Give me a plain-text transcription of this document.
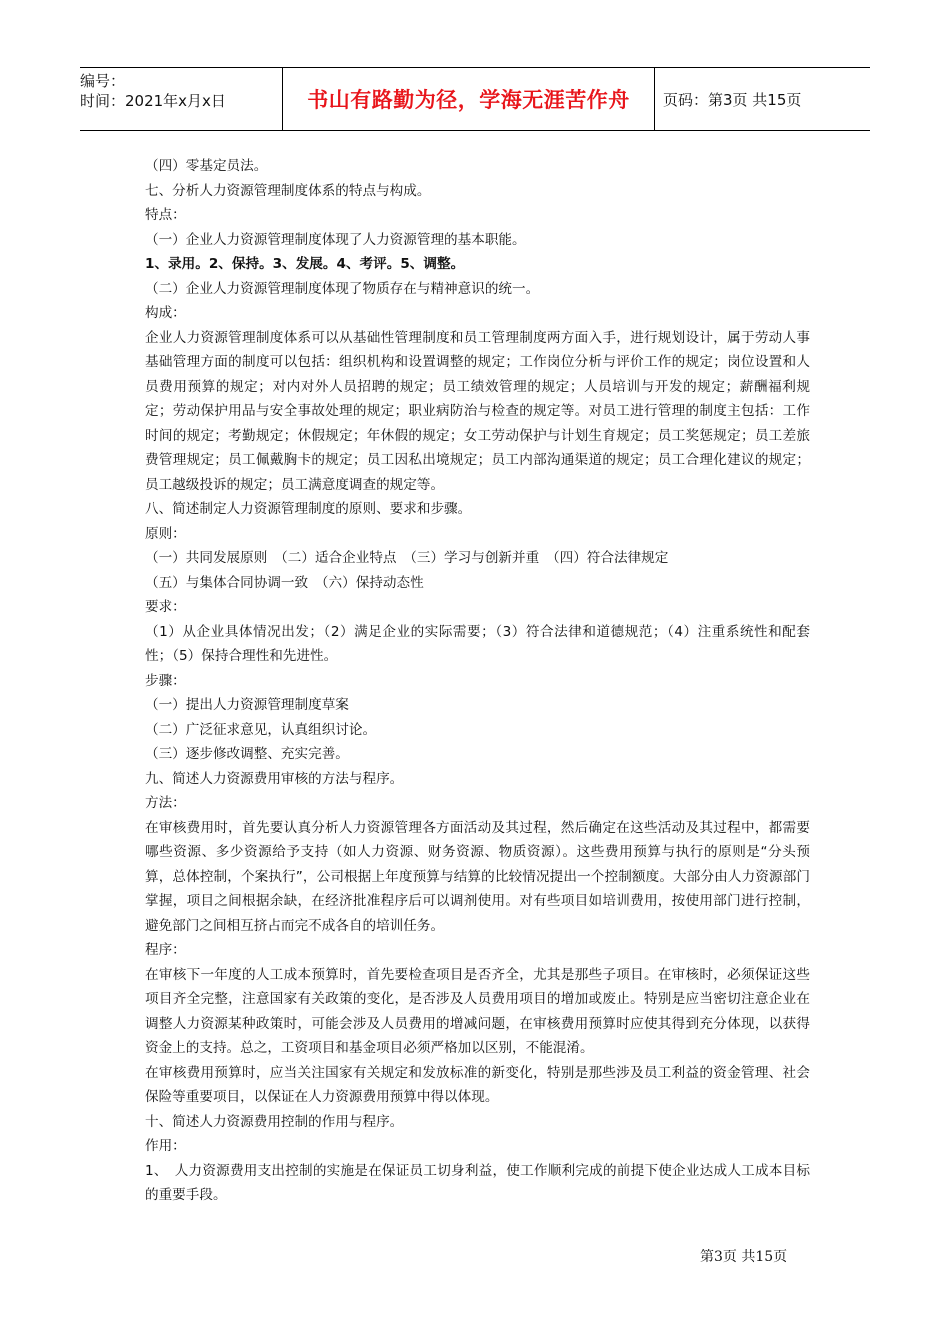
编号：
时间：2021年x月x日	书山有路勤为径，学海无涯苦作舟	页码：第3页 共15页

（四）零基定员法。

七、分析人力资源管理制度体系的特点与构成。

特点：

（一）企业人力资源管理制度体现了人力资源管理的基本职能。

1、录用。2、保持。3、发展。4、考评。5、调整。

（二）企业人力资源管理制度体现了物质存在与精神意识的统一。

构成：

企业人力资源管理制度体系可以从基础性管理制度和员工管理制度两方面入手，进行规划设计，属于劳动人事基础管理方面的制度可以包括：组织机构和设置调整的规定；工作岗位分析与评价工作的规定；岗位设置和人员费用预算的规定；对内对外人员招聘的规定；员工绩效管理的规定；人员培训与开发的规定；薪酬福利规定；劳动保护用品与安全事故处理的规定；职业病防治与检查的规定等。对员工进行管理的制度主包括：工作时间的规定；考勤规定；休假规定；年休假的规定；女工劳动保护与计划生育规定；员工奖惩规定；员工差旅费管理规定；员工佩戴胸卡的规定；员工因私出境规定；员工内部沟通渠道的规定；员工合理化建议的规定；员工越级投诉的规定；员工满意度调查的规定等。

八、简述制定人力资源管理制度的原则、要求和步骤。

原则：

（一）共同发展原则　（二）适合企业特点　（三）学习与创新并重　（四）符合法律规定

（五）与集体合同协调一致　（六）保持动态性

要求：

（1）从企业具体情况出发；（2）满足企业的实际需要；（3）符合法律和道德规范；（4）注重系统性和配套性；（5）保持合理性和先进性。

步骤：

（一）提出人力资源管理制度草案

（二）广泛征求意见，认真组织讨论。

（三）逐步修改调整、充实完善。

九、简述人力资源费用审核的方法与程序。

方法：

在审核费用时，首先要认真分析人力资源管理各方面活动及其过程，然后确定在这些活动及其过程中，都需要哪些资源、多少资源给予支持（如人力资源、财务资源、物质资源）。这些费用预算与执行的原则是“分头预算，总体控制，个案执行”，公司根据上年度预算与结算的比较情况提出一个控制额度。大部分由人力资源部门掌握，项目之间根据余缺，在经济批准程序后可以调剂使用。对有些项目如培训费用，按使用部门进行控制，避免部门之间相互挤占而完不成各自的培训任务。

程序：

在审核下一年度的人工成本预算时，首先要检查项目是否齐全，尤其是那些子项目。在审核时，必须保证这些项目齐全完整，注意国家有关政策的变化，是否涉及人员费用项目的增加或废止。特别是应当密切注意企业在调整人力资源某种政策时，可能会涉及人员费用的增减问题，在审核费用预算时应使其得到充分体现，以获得资金上的支持。总之，工资项目和基金项目必须严格加以区别，不能混淆。

在审核费用预算时，应当关注国家有关规定和发放标准的新变化，特别是那些涉及员工利益的资金管理、社会保险等重要项目，以保证在人力资源费用预算中得以体现。

十、简述人力资源费用控制的作用与程序。

作用：

1、　人力资源费用支出控制的实施是在保证员工切身利益，使工作顺利完成的前提下使企业达成人工成本目标的重要手段。

第3页 共15页
